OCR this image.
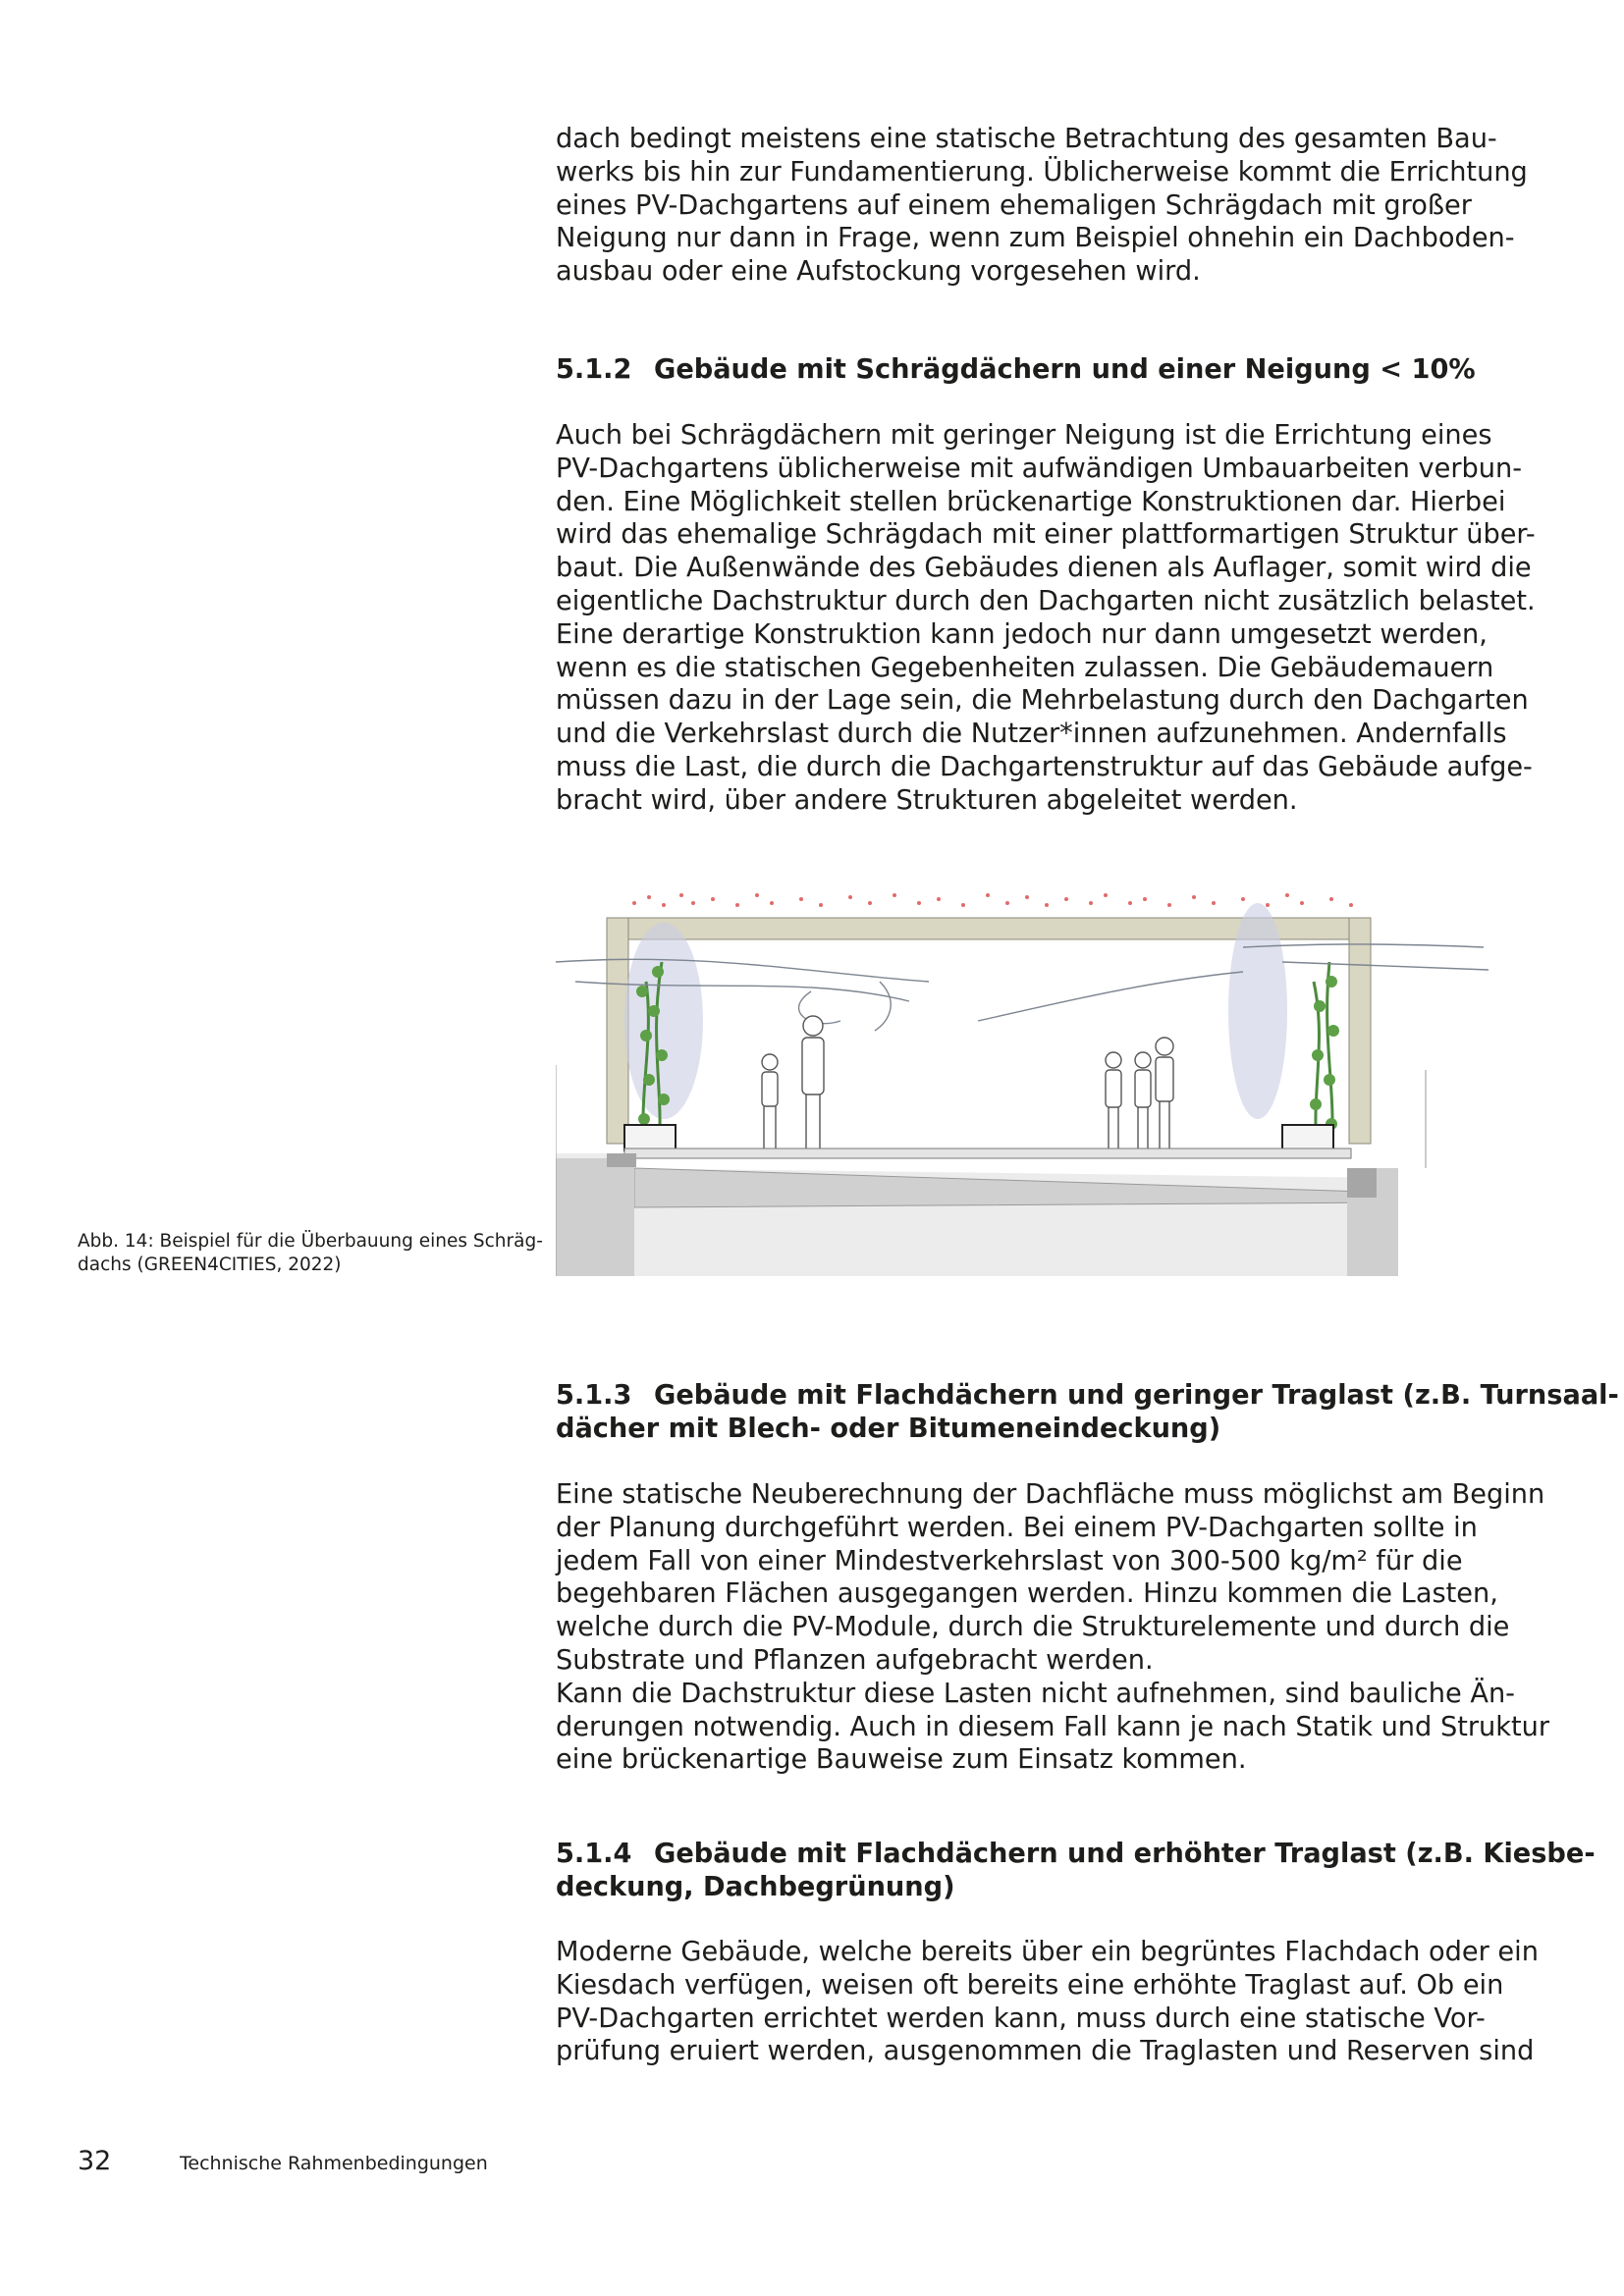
dach bedingt meistens eine statische Betrachtung des gesamten Bau-
werks bis hin zur Fundamentierung. Üblicherweise kommt die Errichtung
eines PV-Dachgartens auf einem ehemaligen Schrägdach mit großer
Neigung nur dann in Frage, wenn zum Beispiel ohnehin ein Dachboden-
ausbau oder eine Aufstockung vorgesehen wird.

5.1.2 Gebäude mit Schrägdächern und einer Neigung < 10%

Auch bei Schrägdächern mit geringer Neigung ist die Errichtung eines
PV-Dachgartens üblicherweise mit aufwändigen Umbauarbeiten verbun-
den. Eine Möglichkeit stellen brückenartige Konstruktionen dar. Hierbei
wird das ehemalige Schrägdach mit einer plattformartigen Struktur über-
baut. Die Außenwände des Gebäudes dienen als Auflager, somit wird die
eigentliche Dachstruktur durch den Dachgarten nicht zusätzlich belastet.
Eine derartige Konstruktion kann jedoch nur dann umgesetzt werden,
wenn es die statischen Gegebenheiten zulassen. Die Gebäudemauern
müssen dazu in der Lage sein, die Mehrbelastung durch den Dachgarten
und die Verkehrslast durch die Nutzer*innen aufzunehmen. Andernfalls
muss die Last, die durch die Dachgartenstruktur auf das Gebäude aufge-
bracht wird, über andere Strukturen abgeleitet werden.

Abb. 14: Beispiel für die Überbauung eines Schräg-
dachs (GREEN4CITIES, 2022)

5.1.3 Gebäude mit Flachdächern und geringer Traglast (z.B. Turnsaal-
dächer mit Blech- oder Bitumeneindeckung)

Eine statische Neuberechnung der Dachfläche muss möglichst am Beginn
der Planung durchgeführt werden. Bei einem PV-Dachgarten sollte in
jedem Fall von einer Mindestverkehrslast von 300-500 kg/m² für die
begehbaren Flächen ausgegangen werden. Hinzu kommen die Lasten,
welche durch die PV-Module, durch die Strukturelemente und durch die
Substrate und Pflanzen aufgebracht werden.
Kann die Dachstruktur diese Lasten nicht aufnehmen, sind bauliche Än-
derungen notwendig. Auch in diesem Fall kann je nach Statik und Struktur
eine brückenartige Bauweise zum Einsatz kommen.

5.1.4 Gebäude mit Flachdächern und erhöhter Traglast (z.B. Kiesbe-
deckung, Dachbegrünung)

Moderne Gebäude, welche bereits über ein begrüntes Flachdach oder ein
Kiesdach verfügen, weisen oft bereits eine erhöhte Traglast auf. Ob ein
PV-Dachgarten errichtet werden kann, muss durch eine statische Vor-
prüfung eruiert werden, ausgenommen die Traglasten und Reserven sind

32	Technische Rahmenbedingungen
